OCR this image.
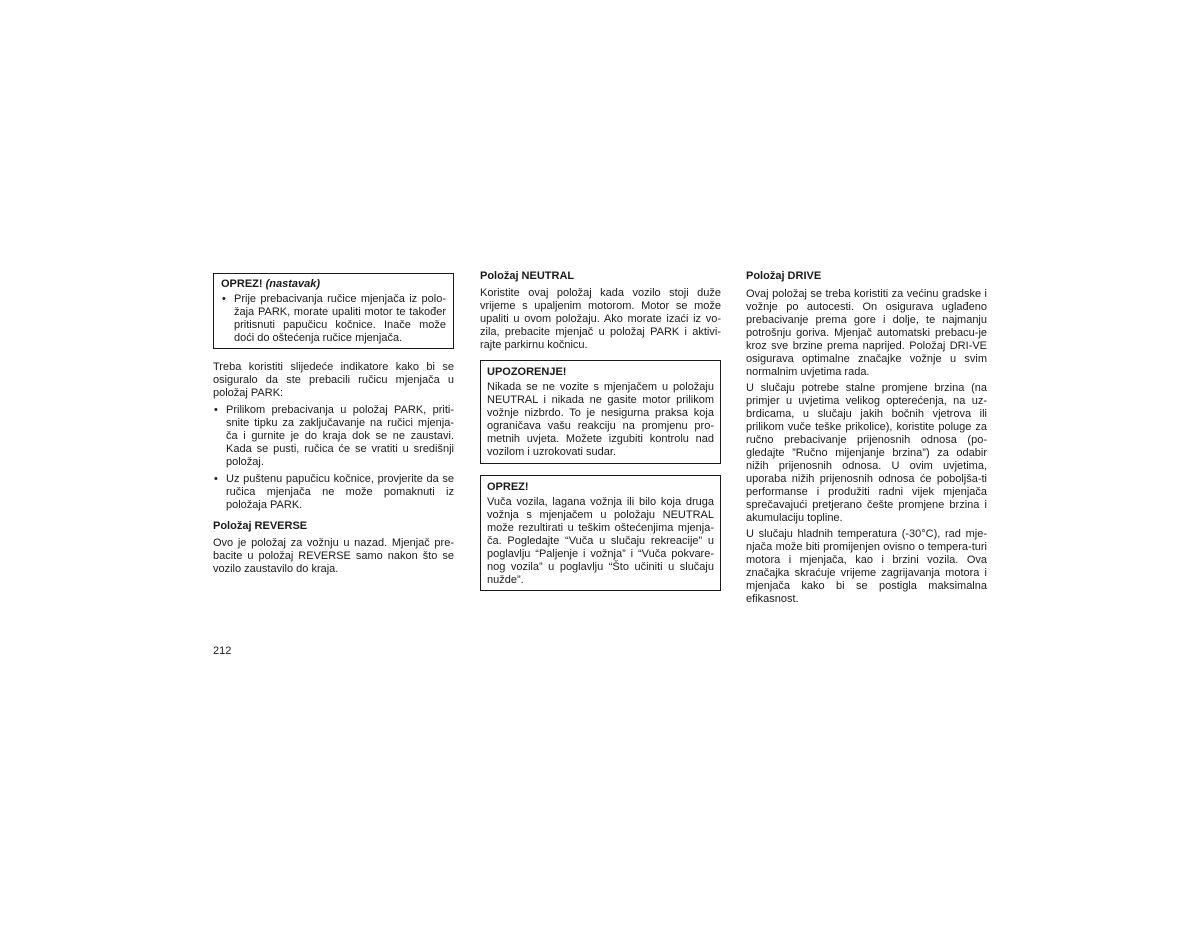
OPREZ! (nastavak)
• Prije prebacivanja ručice mjenjača iz polo-žaja PARK, morate upaliti motor te također pritisnuti papučicu kočnice. Inače može doći do oštećenja ručice mjenjača.

Treba koristiti slijedeće indikatore kako bi se osiguralo da ste prebacili ručicu mjenjača u položaj PARK:

• Prilikom prebacivanja u položaj PARK, priti-snite tipku za zaključavanje na ručici mjenja-ča i gurnite je do kraja dok se ne zaustavi. Kada se pusti, ručica će se vratiti u središnji položaj.
• Uz puštenu papučicu kočnice, provjerite da se ručica mjenjača ne može pomaknuti iz položaja PARK.
Položaj REVERSE

Ovo je položaj za vožnju u nazad. Mjenjač pre-bacite u položaj REVERSE samo nakon što se vozilo zaustavilo do kraja.

Položaj NEUTRAL

Koristite ovaj položaj kada vozilo stoji duže vrijeme s upaljenim motorom. Motor se može upaliti u ovom položaju. Ako morate izaći iz vo-zila, prebacite mjenjač u položaj PARK i aktivi-rajte parkirnu kočnicu.

UPOZORENJE!

Nikada se ne vozite s mjenjačem u položaju NEUTRAL i nikada ne gasite motor prilikom vožnje nizbrdo. To je nesigurna praksa koja ograničava vašu reakciju na promjenu pro-metnih uvjeta. Možete izgubiti kontrolu nad vozilom i uzrokovati sudar.

OPREZ!

Vuča vozila, lagana vožnja ili bilo koja druga vožnja s mjenjačem u položaju NEUTRAL može rezultirati u teškim oštećenjima mjenja-ča. Pogledajte “Vuča u slučaju rekreacije” u poglavlju “Paljenje i vožnja” i “Vuča pokvare-nog vozila” u poglavlju “Što učiniti u slučaju nužde”.

Položaj DRIVE

Ovaj položaj se treba koristiti za većinu gradske i vožnje po autocesti. On osigurava uglađeno prebacivanje prema gore i dolje, te najmanju potrošnju goriva. Mjenjač automatski prebacu-je kroz sve brzine prema naprijed. Položaj DRI-VE osigurava optimalne značajke vožnje u svim normalnim uvjetima rada.

U slučaju potrebe stalne promjene brzina (na primjer u uvjetima velikog opterećenja, na uz-brdicama, u slučaju jakih bočnih vjetrova ili prilikom vuče teške prikolice), koristite poluge za ručno prebacivanje prijenosnih odnosa (po-gledajte ”Ručno mijenjanje brzina”) za odabir nižih prijenosnih odnosa. U ovim uvjetima, uporaba nižih prijenosnih odnosa će poboljša-ti performanse i produžiti radni vijek mjenjača sprečavajući pretjerano češte promjene brzina i akumulaciju topline.

U slučaju hladnih temperatura (-30°C), rad mje-njača može biti promijenjen ovisno o tempera-turi motora i mjenjača, kao i brzini vozila. Ova značajka skraćuje vrijeme zagrijavanja motora i mjenjača kako bi se postigla maksimalna efikasnost.

212
